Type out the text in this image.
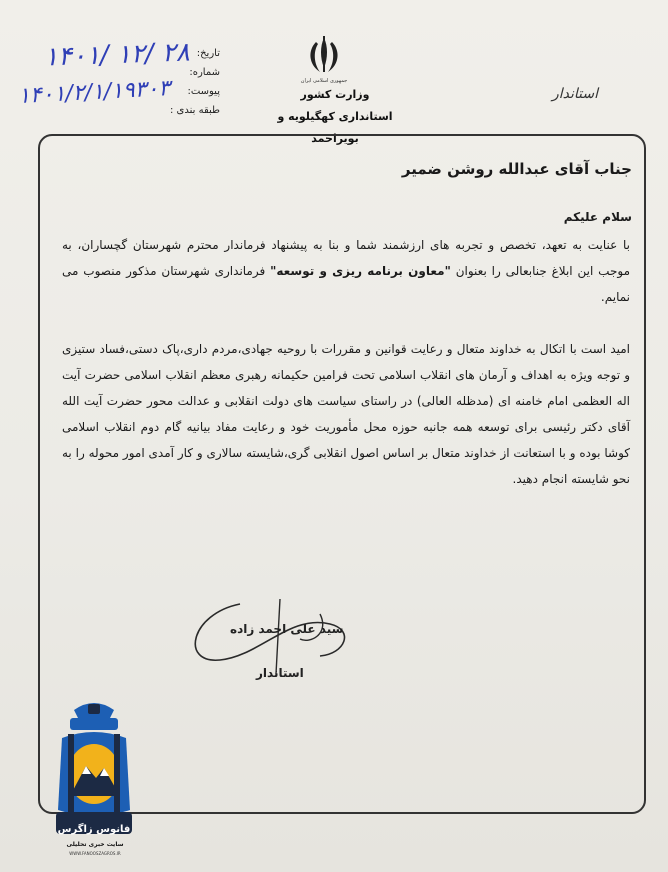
تاریخ:
شماره:
پیوست:
طبقه بندی :
۱۴۰۱/ ۱۲/ ۲۸
۱۴۰۱/۲/۱/۱۹۳۰۳	جمهوری اسلامی ایران
وزارت کشور
استانداری کهگیلویه و بویراحمد
استاندار

جناب آقای عبدالله روشن ضمیر

سلام علیکم

با عنایت به تعهد، تخصص و تجربه های ارزشمند شما و بنا به پیشنهاد فرماندار محترم شهرستان گچساران، به موجب این ابلاغ جنابعالی را بعنوان "معاون برنامه ریزی و توسعه" فرمانداری شهرستان مذکور منصوب می نمایم.

امید است با اتکال به خداوند متعال و رعایت قوانین و مقررات با روحیه جهادی،مردم داری،پاک دستی،فساد ستیزی و توجه ویژه به اهداف و آرمان های انقلاب اسلامی تحت فرامین حکیمانه رهبری معظم انقلاب اسلامی حضرت آیت اله العظمی امام خامنه ای (مدظله العالی) در راستای سیاست های دولت انقلابی و عدالت محور حضرت آیت الله آقای دکتر رئیسی برای توسعه همه جانبه حوزه محل مأموریت خود و رعایت مفاد بیانیه گام دوم انقلاب اسلامی کوشا بوده و با استعانت از خداوند متعال بر اساس اصول انقلابی گری،شایسته سالاری و کار آمدی امور محوله را به نحو شایسته انجام دهید.

سید علی احمد زاده
استاندار
فانوس زاگرس
سایت خبری تحلیلی
WWW.FANOOSZAGROS.IR
